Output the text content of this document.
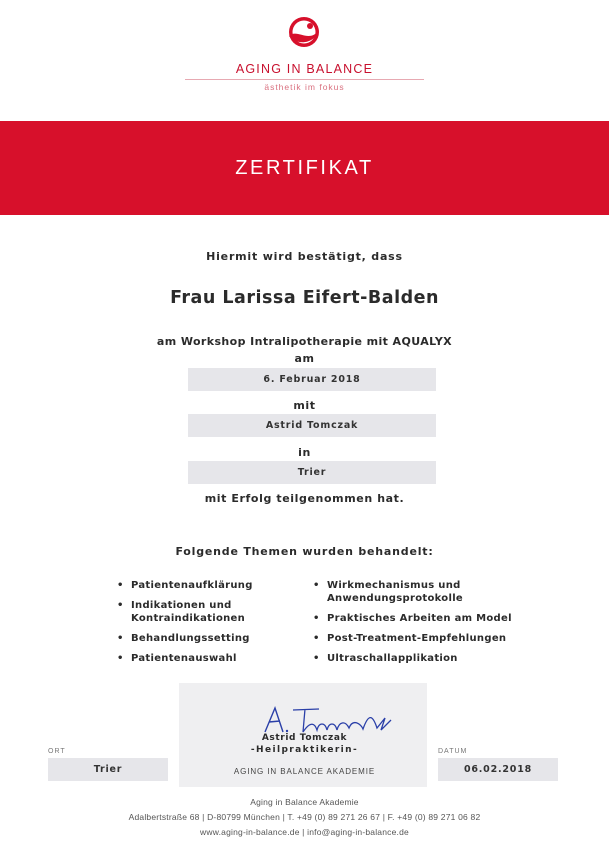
AGING IN BALANCE
ästhetik im fokus
ZERTIFIKAT
Hiermit wird bestätigt, dass
Frau Larissa Eifert-Balden
am Workshop Intralipotherapie mit AQUALYX
am
6. Februar 2018
mit
Astrid Tomczak
in
Trier
mit Erfolg teilgenommen hat.
Folgende Themen wurden behandelt:
• Patientenaufklärung
• Indikationen und Kontraindikationen
• Behandlungssetting
• Patientenauswahl
• Wirkmechanismus und Anwendungsprotokolle
• Praktisches Arbeiten am Model
• Post-Treatment-Empfehlungen
• Ultraschallapplikation
Astrid Tomczak
-Heilpraktikerin-
AGING IN BALANCE AKADEMIE
ORT
Trier
DATUM
06.02.2018
Aging in Balance Akademie
Adalbertstraße 68 | D-80799 München | T. +49 (0) 89 271 26 67 | F. +49 (0) 89 271 06 82
www.aging-in-balance.de | info@aging-in-balance.de
